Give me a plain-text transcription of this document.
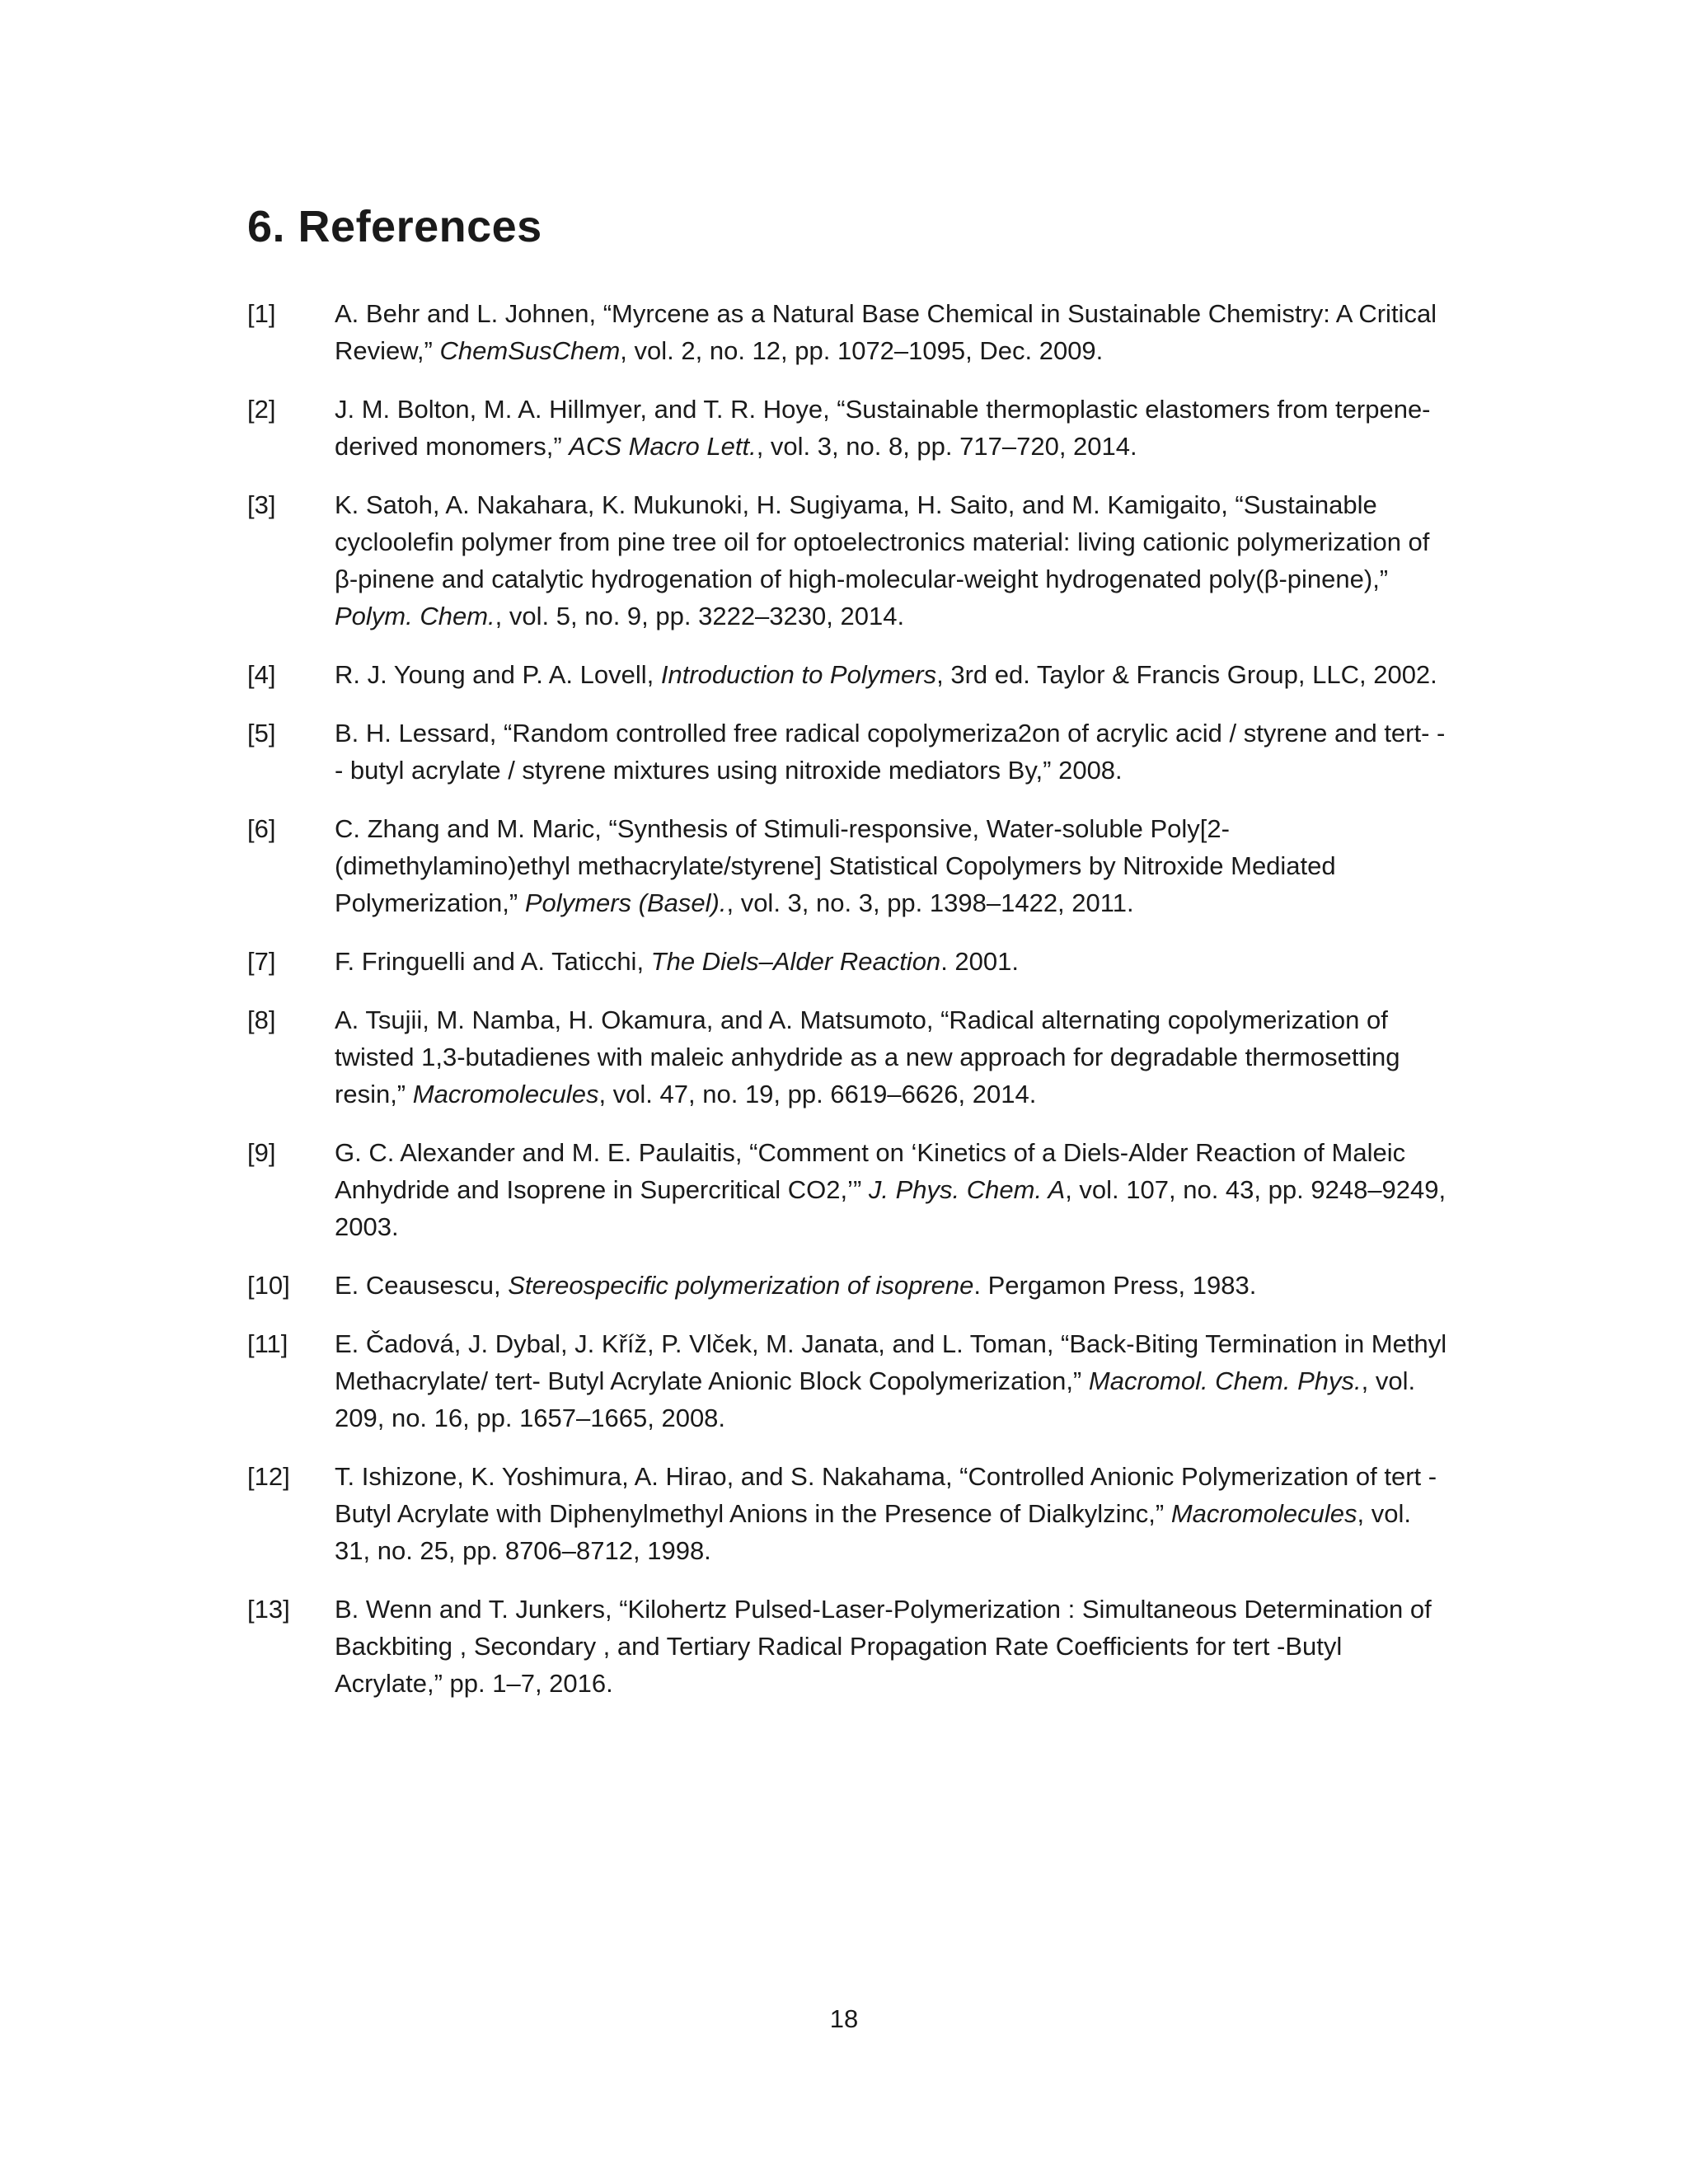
6. References
[1] A. Behr and L. Johnen, “Myrcene as a Natural Base Chemical in Sustainable Chemistry: A Critical Review,” ChemSusChem, vol. 2, no. 12, pp. 1072–1095, Dec. 2009.
[2] J. M. Bolton, M. A. Hillmyer, and T. R. Hoye, “Sustainable thermoplastic elastomers from terpene-derived monomers,” ACS Macro Lett., vol. 3, no. 8, pp. 717–720, 2014.
[3] K. Satoh, A. Nakahara, K. Mukunoki, H. Sugiyama, H. Saito, and M. Kamigaito, “Sustainable cycloolefin polymer from pine tree oil for optoelectronics material: living cationic polymerization of β-pinene and catalytic hydrogenation of high-molecular-weight hydrogenated poly(β-pinene),” Polym. Chem., vol. 5, no. 9, pp. 3222–3230, 2014.
[4] R. J. Young and P. A. Lovell, Introduction to Polymers, 3rd ed. Taylor & Francis Group, LLC, 2002.
[5] B. H. Lessard, “Random controlled free radical copolymeriza2on of acrylic acid / styrene and tert- - - butyl acrylate / styrene mixtures using nitroxide mediators By,” 2008.
[6] C. Zhang and M. Maric, “Synthesis of Stimuli-responsive, Water-soluble Poly[2-(dimethylamino)ethyl methacrylate/styrene] Statistical Copolymers by Nitroxide Mediated Polymerization,” Polymers (Basel)., vol. 3, no. 3, pp. 1398–1422, 2011.
[7] F. Fringuelli and A. Taticchi, The Diels–Alder Reaction. 2001.
[8] A. Tsujii, M. Namba, H. Okamura, and A. Matsumoto, “Radical alternating copolymerization of twisted 1,3-butadienes with maleic anhydride as a new approach for degradable thermosetting resin,” Macromolecules, vol. 47, no. 19, pp. 6619–6626, 2014.
[9] G. C. Alexander and M. E. Paulaitis, “Comment on ‘Kinetics of a Diels-Alder Reaction of Maleic Anhydride and Isoprene in Supercritical CO2,’” J. Phys. Chem. A, vol. 107, no. 43, pp. 9248–9249, 2003.
[10] E. Ceausescu, Stereospecific polymerization of isoprene. Pergamon Press, 1983.
[11] E. Čadová, J. Dybal, J. Kříž, P. Vlček, M. Janata, and L. Toman, “Back-Biting Termination in Methyl Methacrylate/ tert- Butyl Acrylate Anionic Block Copolymerization,” Macromol. Chem. Phys., vol. 209, no. 16, pp. 1657–1665, 2008.
[12] T. Ishizone, K. Yoshimura, A. Hirao, and S. Nakahama, “Controlled Anionic Polymerization of tert -Butyl Acrylate with Diphenylmethyl Anions in the Presence of Dialkylzinc,” Macromolecules, vol. 31, no. 25, pp. 8706–8712, 1998.
[13] B. Wenn and T. Junkers, “Kilohertz Pulsed-Laser-Polymerization : Simultaneous Determination of Backbiting , Secondary , and Tertiary Radical Propagation Rate Coefficients for tert -Butyl Acrylate,” pp. 1–7, 2016.
18
